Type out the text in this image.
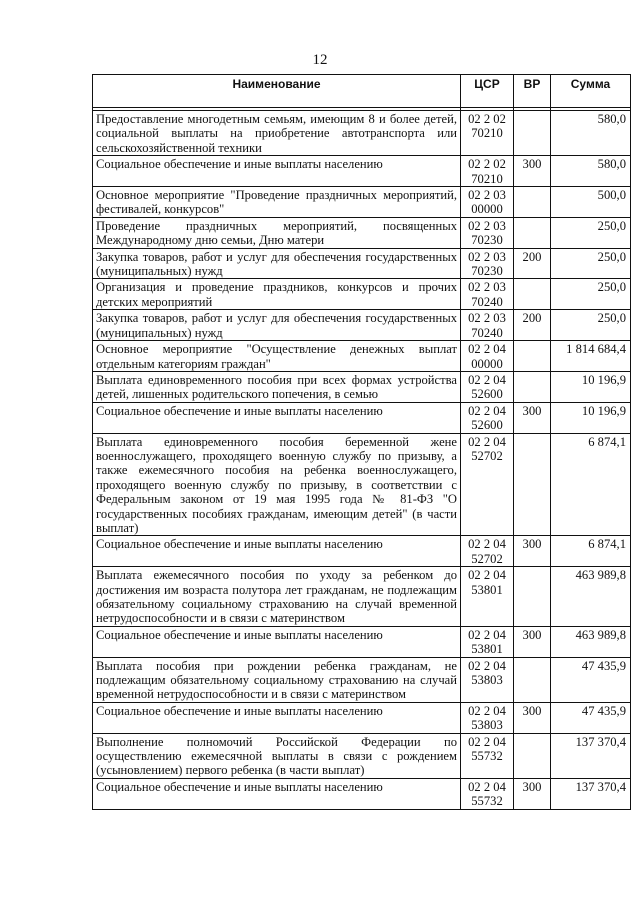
12
Наименование	ЦСР	ВР	Сумма

Предоставление многодетным семьям, имеющим 8 и более детей, социальной выплаты на приобретение автотранспорта или сельскохозяйственной техники	02 2 02 70210		580,0
Социальное обеспечение и иные выплаты населению	02 2 02 70210	300	580,0
Основное мероприятие "Проведение праздничных мероприятий, фестивалей, конкурсов"	02 2 03 00000		500,0
Проведение праздничных мероприятий, посвященных Международному дню семьи, Дню матери	02 2 03 70230		250,0
Закупка товаров, работ и услуг для обеспечения государственных (муниципальных) нужд	02 2 03 70230	200	250,0
Организация и проведение праздников, конкурсов и прочих детских мероприятий	02 2 03 70240		250,0
Закупка товаров, работ и услуг для обеспечения государственных (муниципальных) нужд	02 2 03 70240	200	250,0
Основное мероприятие "Осуществление денежных выплат отдельным категориям граждан"	02 2 04 00000		1 814 684,4
Выплата единовременного пособия при всех формах устройства детей, лишенных родительского попечения, в семью	02 2 04 52600		10 196,9
Социальное обеспечение и иные выплаты населению	02 2 04 52600	300	10 196,9
Выплата единовременного пособия беременной жене военнослужащего, проходящего военную службу по призыву, а также ежемесячного пособия на ребенка военнослужащего, проходящего военную службу по призыву, в соответствии с Федеральным законом от 19 мая 1995 года № 81-ФЗ "О государственных пособиях гражданам, имеющим детей" (в части выплат)	02 2 04 52702		6 874,1
Социальное обеспечение и иные выплаты населению	02 2 04 52702	300	6 874,1
Выплата ежемесячного пособия по уходу за ребенком до достижения им возраста полутора лет гражданам, не подлежащим обязательному социальному страхованию на случай временной нетрудоспособности и в связи с материнством	02 2 04 53801		463 989,8
Социальное обеспечение и иные выплаты населению	02 2 04 53801	300	463 989,8
Выплата пособия при рождении ребенка гражданам, не подлежащим обязательному социальному страхованию на случай временной нетрудоспособности и в связи с материнством	02 2 04 53803		47 435,9
Социальное обеспечение и иные выплаты населению	02 2 04 53803	300	47 435,9
Выполнение полномочий Российской Федерации по осуществлению ежемесячной выплаты в связи с рождением (усыновлением) первого ребенка (в части выплат)	02 2 04 55732		137 370,4
Социальное обеспечение и иные выплаты населению	02 2 04 55732	300	137 370,4
